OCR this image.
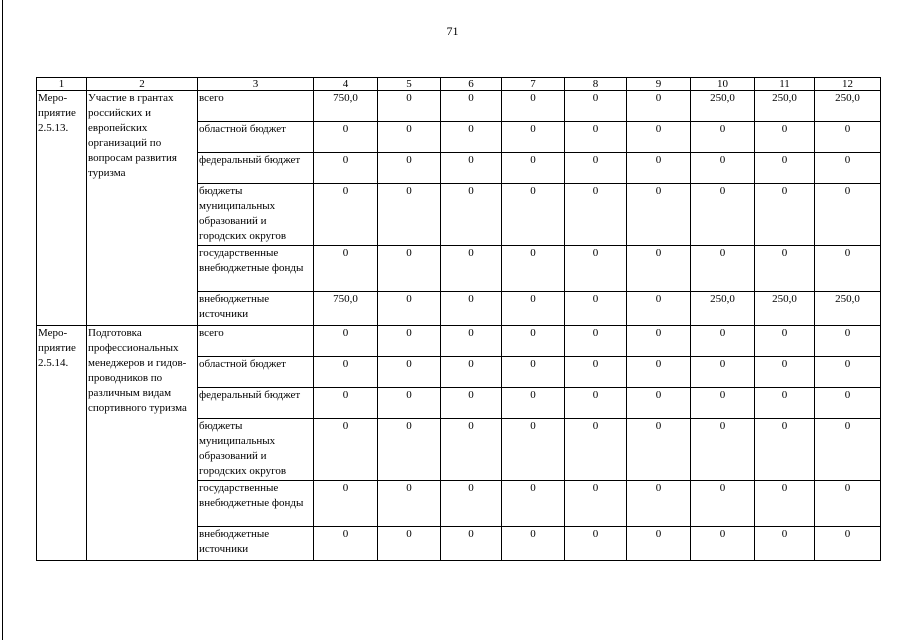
71
1	2	3	4	5	6	7	8	9	10	11	12

Меро-
приятие
2.5.13.	Участие в грантах российских и европейских организаций по вопросам развития туризма	всего	750,0	0	0	0	0	0	250,0	250,0	250,0
		областной бюджет	0	0	0	0	0	0	0	0	0
		федеральный бюджет	0	0	0	0	0	0	0	0	0
		бюджеты муниципальных образований и городских округов	0	0	0	0	0	0	0	0	0
		государственные внебюджетные фонды	0	0	0	0	0	0	0	0	0
		внебюджетные источники	750,0	0	0	0	0	0	250,0	250,0	250,0

Меро-
приятие
2.5.14.	Подготовка профессиональных менеджеров и гидов-проводников по различным видам спортивного туризма	всего	0	0	0	0	0	0	0	0	0
		областной бюджет	0	0	0	0	0	0	0	0	0
		федеральный бюджет	0	0	0	0	0	0	0	0	0
		бюджеты муниципальных образований и городских округов	0	0	0	0	0	0	0	0	0
		государственные внебюджетные фонды	0	0	0	0	0	0	0	0	0
		внебюджетные источники	0	0	0	0	0	0	0	0	0
